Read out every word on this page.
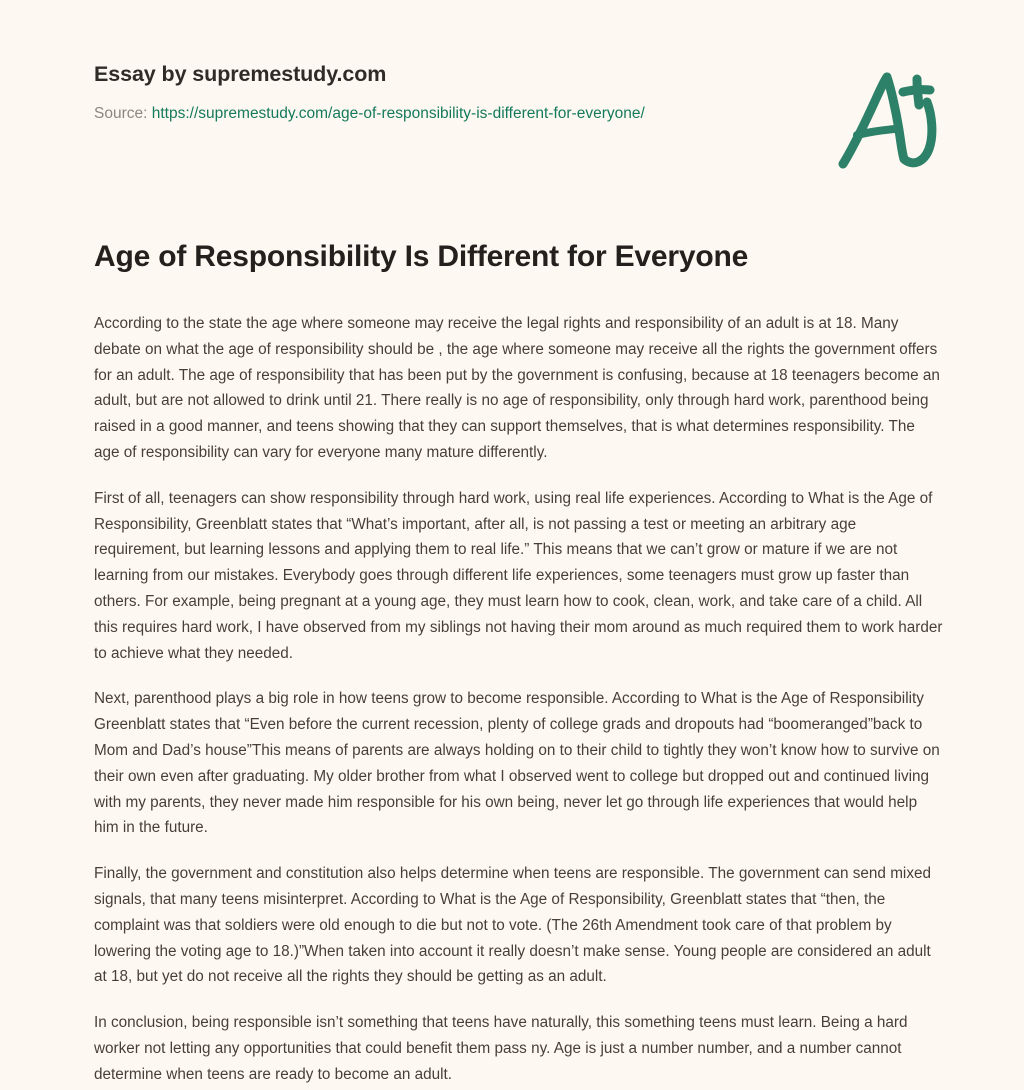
Essay by supremestudy.com

Source: https://supremestudy.com/age-of-responsibility-is-different-for-everyone/
Age of Responsibility Is Different for Everyone

According to the state the age where someone may receive the legal rights and responsibility of an adult is at 18. Many debate on what the age of responsibility should be , the age where someone may receive all the rights the government offers for an adult. The age of responsibility that has been put by the government is confusing, because at 18 teenagers become an adult, but are not allowed to drink until 21. There really is no age of responsibility, only through hard work, parenthood being raised in a good manner, and teens showing that they can support themselves, that is what determines responsibility. The age of responsibility can vary for everyone many mature differently.

First of all, teenagers can show responsibility through hard work, using real life experiences. According to What is the Age of Responsibility, Greenblatt states that “What’s important, after all, is not passing a test or meeting an arbitrary age requirement, but learning lessons and applying them to real life.” This means that we can’t grow or mature if we are not learning from our mistakes. Everybody goes through different life experiences, some teenagers must grow up faster than others. For example, being pregnant at a young age, they must learn how to cook, clean, work, and take care of a child. All this requires hard work, I have observed from my siblings not having their mom around as much required them to work harder to achieve what they needed.

Next, parenthood plays a big role in how teens grow to become responsible. According to What is the Age of Responsibility Greenblatt states that “Even before the current recession, plenty of college grads and dropouts had “boomeranged”back to Mom and Dad’s house”This means of parents are always holding on to their child to tightly they won’t know how to survive on their own even after graduating. My older brother from what I observed went to college but dropped out and continued living with my parents, they never made him responsible for his own being, never let go through life experiences that would help him in the future.

Finally, the government and constitution also helps determine when teens are responsible. The government can send mixed signals, that many teens misinterpret. According to What is the Age of Responsibility, Greenblatt states that “then, the complaint was that soldiers were old enough to die but not to vote. (The 26th Amendment took care of that problem by lowering the voting age to 18.)”When taken into account it really doesn’t make sense. Young people are considered an adult at 18, but yet do not receive all the rights they should be getting as an adult.

In conclusion, being responsible isn’t something that teens have naturally, this something teens must learn. Being a hard worker not letting any opportunities that could benefit them pass ny. Age is just a number number, and a number cannot determine when teens are ready to become an adult.
